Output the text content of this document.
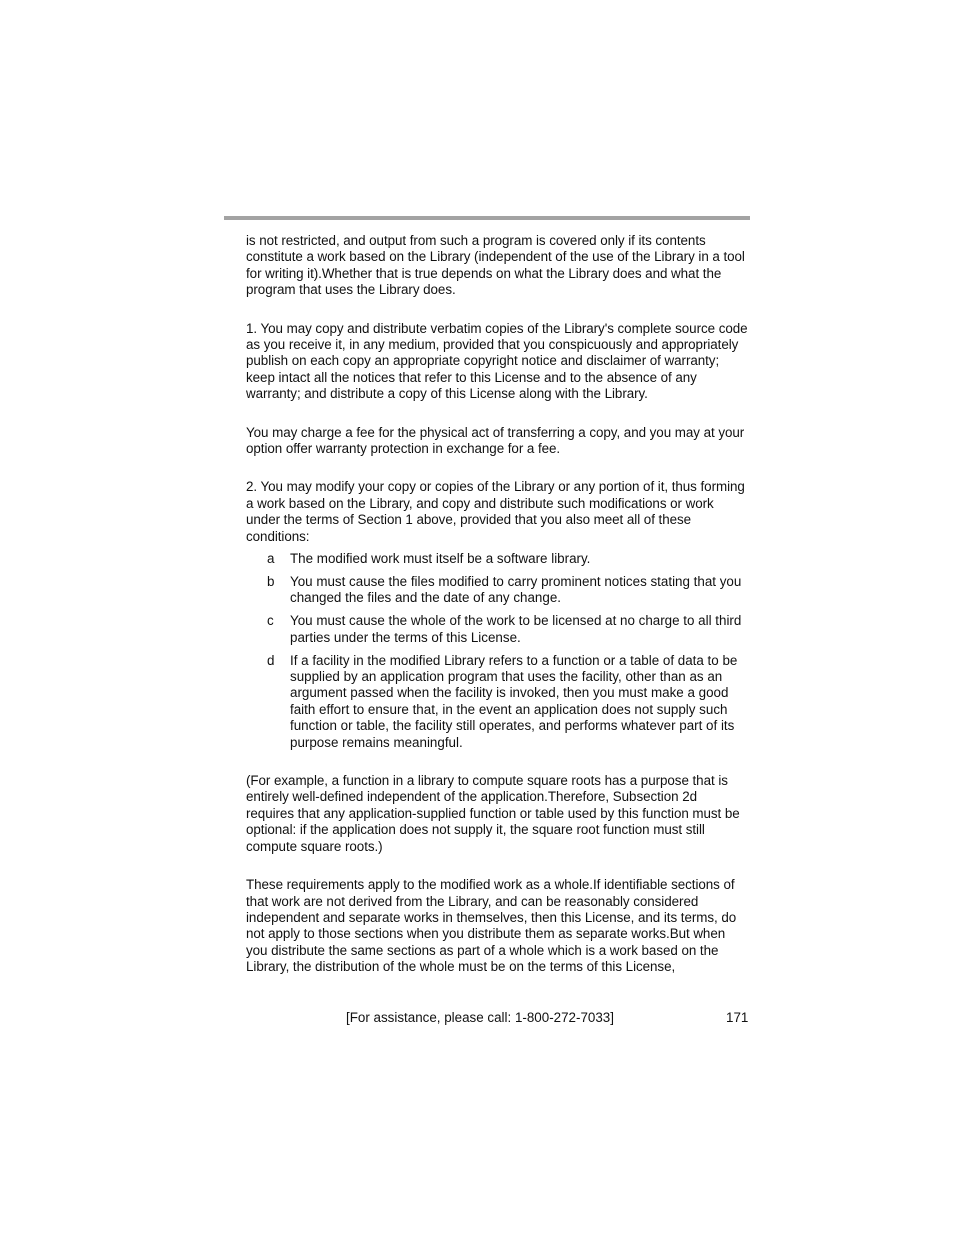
is not restricted, and output from such a program is covered only if its contents constitute a work based on the Library (independent of the use of the Library in a tool for writing it).Whether that is true depends on what the Library does and what the program that uses the Library does.

1. You may copy and distribute verbatim copies of the Library's complete source code as you receive it, in any medium, provided that you conspicuously and appropriately publish on each copy an appropriate copyright notice and disclaimer of warranty; keep intact all the notices that refer to this License and to the absence of any warranty; and distribute a copy of this License along with the Library.

You may charge a fee for the physical act of transferring a copy, and you may at your option offer warranty protection in exchange for a fee.

2. You may modify your copy or copies of the Library or any portion of it, thus forming a work based on the Library, and copy and distribute such modifications or work under the terms of Section 1 above, provided that you also meet all of these conditions:

a The modified work must itself be a software library.
b You must cause the files modified to carry prominent notices stating that you changed the files and the date of any change.
c You must cause the whole of the work to be licensed at no charge to all third parties under the terms of this License.
d If a facility in the modified Library refers to a function or a table of data to be supplied by an application program that uses the facility, other than as an argument passed when the facility is invoked, then you must make a good faith effort to ensure that, in the event an application does not supply such function or table, the facility still operates, and performs whatever part of its purpose remains meaningful.

(For example, a function in a library to compute square roots has a purpose that is entirely well-defined independent of the application.Therefore, Subsection 2d requires that any application-supplied function or table used by this function must be optional: if the application does not supply it, the square root function must still compute square roots.)

These requirements apply to the modified work as a whole.If identifiable sections of that work are not derived from the Library, and can be reasonably considered independent and separate works in themselves, then this License, and its terms, do not apply to those sections when you distribute them as separate works.But when you distribute the same sections as part of a whole which is a work based on the Library, the distribution of the whole must be on the terms of this License,

[For assistance, please call: 1-800-272-7033]	171
